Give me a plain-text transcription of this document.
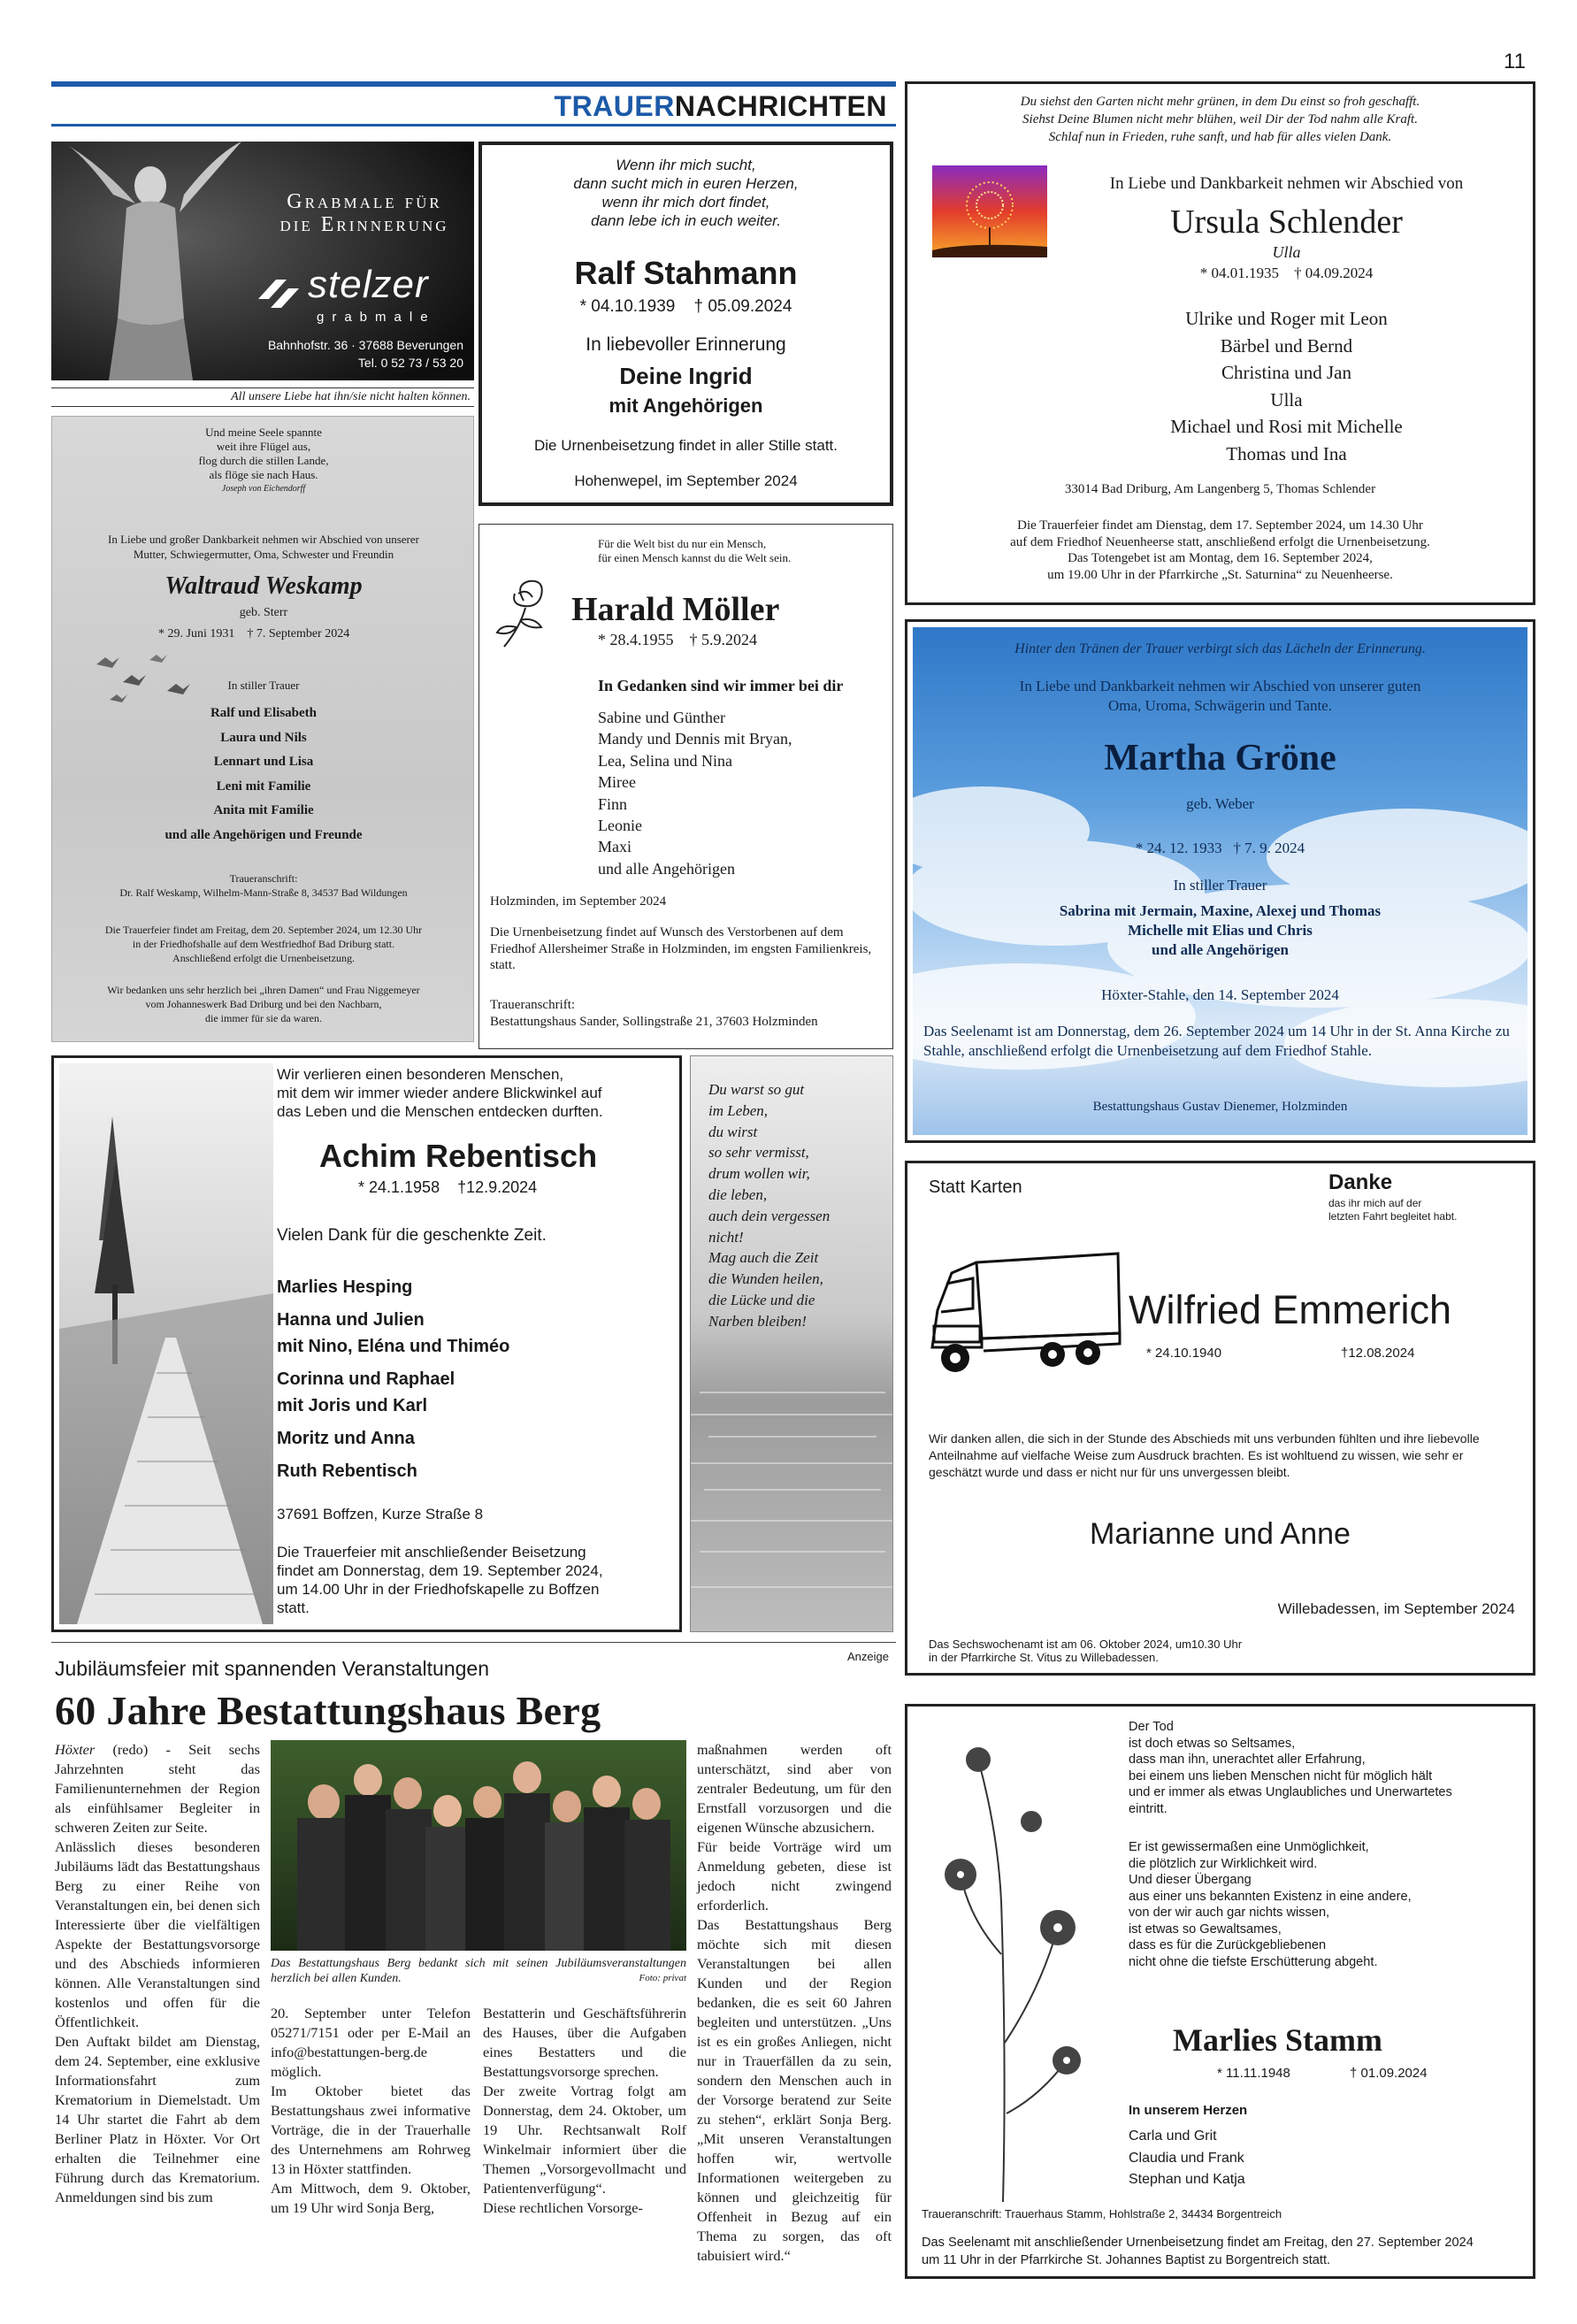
11
TRAUERNACHRICHTEN
Grabmale für
die Erinnerung
stelzer
grabmale
Bahnhofstr. 36 · 37688 Beverungen
Tel. 0 52 73 / 53 20
All unsere Liebe hat ihn/sie nicht halten können.
Und meine Seele spannte
weit ihre Flügel aus,
flog durch die stillen Lande,
als flöge sie nach Haus.
Joseph von Eichendorff
In Liebe und großer Dankbarkeit nehmen wir Abschied von unserer
Mutter, Schwiegermutter, Oma, Schwester und Freundin
Waltraud Weskamp
geb. Sterr
* 29. Juni 1931 † 7. September 2024
In stiller Trauer
Ralf und Elisabeth
Laura und Nils
Lennart und Lisa
Leni mit Familie
Anita mit Familie
und alle Angehörigen und Freunde
Traueranschrift:
Dr. Ralf Weskamp, Wilhelm-Mann-Straße 8, 34537 Bad Wildungen
Die Trauerfeier findet am Freitag, dem 20. September 2024, um 12.30 Uhr
in der Friedhofshalle auf dem Westfriedhof Bad Driburg statt.
Anschließend erfolgt die Urnenbeisetzung.
Wir bedanken uns sehr herzlich bei „ihren Damen“ und Frau Niggemeyer
vom Johanneswerk Bad Driburg und bei den Nachbarn,
die immer für sie da waren.
Wenn ihr mich sucht,
dann sucht mich in euren Herzen,
wenn ihr mich dort findet,
dann lebe ich in euch weiter.
Ralf Stahmann
* 04.10.1939 † 05.09.2024
In liebevoller Erinnerung
Deine Ingrid
mit Angehörigen
Die Urnenbeisetzung findet in aller Stille statt.
Hohenwepel, im September 2024
Für die Welt bist du nur ein Mensch,
für einen Mensch kannst du die Welt sein.
Harald Möller
* 28.4.1955 † 5.9.2024
In Gedanken sind wir immer bei dir
Sabine und Günther
Mandy und Dennis mit Bryan,
Lea, Selina und Nina
Miree
Finn
Leonie
Maxi
und alle Angehörigen
Holzminden, im September 2024
Die Urnenbeisetzung findet auf Wunsch des Verstorbenen auf dem Friedhof Allersheimer Straße in Holzminden, im engsten Familienkreis, statt.
Traueranschrift:
Bestattungshaus Sander, Sollingstraße 21, 37603 Holzminden
Du siehst den Garten nicht mehr grünen, in dem Du einst so froh geschafft.
Siehst Deine Blumen nicht mehr blühen, weil Dir der Tod nahm alle Kraft.
Schlaf nun in Frieden, ruhe sanft, und hab für alles vielen Dank.
In Liebe und Dankbarkeit nehmen wir Abschied von
Ursula Schlender
Ulla
* 04.01.1935 † 04.09.2024
Ulrike und Roger mit Leon
Bärbel und Bernd
Christina und Jan
Ulla
Michael und Rosi mit Michelle
Thomas und Ina
33014 Bad Driburg, Am Langenberg 5, Thomas Schlender
Die Trauerfeier findet am Dienstag, dem 17. September 2024, um 14.30 Uhr
auf dem Friedhof Neuenheerse statt, anschließend erfolgt die Urnenbeisetzung.
Das Totengebet ist am Montag, dem 16. September 2024,
um 19.00 Uhr in der Pfarrkirche „St. Saturnina“ zu Neuenheerse.
Hinter den Tränen der Trauer verbirgt sich das Lächeln der Erinnerung.
In Liebe und Dankbarkeit nehmen wir Abschied von unserer guten
Oma, Uroma, Schwägerin und Tante.
Martha Gröne
geb. Weber
* 24. 12. 1933   † 7. 9. 2024
In stiller Trauer
Sabrina mit Jermain, Maxine, Alexej und Thomas
Michelle mit Elias und Chris
und alle Angehörigen
Höxter-Stahle, den 14. September 2024
Das Seelenamt ist am Donnerstag, dem 26. September 2024 um 14 Uhr in der St. Anna Kirche zu Stahle, anschließend erfolgt die Urnenbeisetzung auf dem Friedhof Stahle.
Bestattungshaus Gustav Dienemer, Holzminden
Wir verlieren einen besonderen Menschen,
mit dem wir immer wieder andere Blickwinkel auf
das Leben und die Menschen entdecken durften.
Achim Rebentisch
* 24.1.1958 †12.9.2024
Vielen Dank für die geschenkte Zeit.
Marlies Hesping
Hanna und Julien
mit Nino, Eléna und Thiméo
Corinna und Raphael
mit Joris und Karl
Moritz und Anna
Ruth Rebentisch
37691 Boffzen, Kurze Straße 8
Die Trauerfeier mit anschließender Beisetzung
findet am Donnerstag, dem 19. September 2024,
um 14.00 Uhr in der Friedhofskapelle zu Boffzen
statt.
Du warst so gut
im Leben,
du wirst
so sehr vermisst,
drum wollen wir,
die leben,
auch dein vergessen
nicht!
Mag auch die Zeit
die Wunden heilen,
die Lücke und die
Narben bleiben!
Statt Karten	Danke
das ihr mich auf der
letzten Fahrt begleitet habt.
Wilfried Emmerich
* 24.10.1940	†12.08.2024
Wir danken allen, die sich in der Stunde des Abschieds mit uns verbunden fühlten und ihre liebevolle Anteilnahme auf vielfache Weise zum Ausdruck brachten. Es ist wohltuend zu wissen, wie sehr er geschätzt wurde und dass er nicht nur für uns unvergessen bleibt.
Marianne und Anne
Willebadessen, im September 2024
Das Sechswochenamt ist am 06. Oktober 2024, um10.30 Uhr
in der Pfarrkirche St. Vitus zu Willebadessen.
Jubiläumsfeier mit spannenden Veranstaltungen
Anzeige
60 Jahre Bestattungshaus Berg

Höxter (redo) - Seit sechs Jahrzehnten steht das Familienunternehmen der Region als einfühlsamer Begleiter in schweren Zeiten zur Seite.

Anlässlich dieses besonderen Jubiläums lädt das Bestattungshaus Berg zu einer Reihe von Veranstaltungen ein, bei denen sich Interessierte über die vielfältigen Aspekte der Bestattungsvorsorge und des Abschieds informieren können. Alle Veranstaltungen sind kostenlos und offen für die Öffentlichkeit.

Den Auftakt bildet am Dienstag, dem 24. September, eine exklusive Informationsfahrt zum Krematorium in Diemelstadt. Um 14 Uhr startet die Fahrt ab dem Berliner Platz in Höxter. Vor Ort erhalten die Teilnehmer eine Führung durch das Krematorium. Anmeldungen sind bis zum

Das Bestattungshaus Berg bedankt sich mit seinen Jubiläumsveranstaltungen herzlich bei allen Kunden.	Foto: privat

20. September unter Telefon 05271/7151 oder per E-Mail an info@bestattungen-berg.de möglich.

Im Oktober bietet das Bestattungshaus zwei informative Vorträge, die in der Trauerhalle des Unternehmens am Rohrweg 13 in Höxter stattfinden.

Am Mittwoch, dem 9. Oktober, um 19 Uhr wird Sonja Berg,

Bestatterin und Geschäftsführerin des Hauses, über die Aufgaben eines Bestatters und die Bestattungsvorsorge sprechen.

Der zweite Vortrag folgt am Donnerstag, dem 24. Oktober, um 19 Uhr. Rechtsanwalt Rolf Winkelmair informiert über die Themen „Vorsorgevollmacht und Patientenverfügung“.

Diese rechtlichen Vorsorge-

maßnahmen werden oft unterschätzt, sind aber von zentraler Bedeutung, um für den Ernstfall vorzusorgen und die eigenen Wünsche abzusichern.

Für beide Vorträge wird um Anmeldung gebeten, diese ist jedoch nicht zwingend erforderlich.

Das Bestattungshaus Berg möchte sich mit diesen Veranstaltungen bei allen Kunden und der Region bedanken, die es seit 60 Jahren begleiten und unterstützen. „Uns ist es ein großes Anliegen, nicht nur in Trauerfällen da zu sein, sondern den Menschen auch in der Vorsorge beratend zur Seite zu stehen“, erklärt Sonja Berg. „Mit unseren Veranstaltungen hoffen wir, wertvolle Informationen weitergeben zu können und gleichzeitig für Offenheit in Bezug auf ein Thema zu sorgen, das oft tabuisiert wird.“

Der Tod
ist doch etwas so Seltsames,
dass man ihn, unerachtet aller Erfahrung,
bei einem uns lieben Menschen nicht für möglich hält
und er immer als etwas Unglaubliches und Unerwartetes
eintritt.
Er ist gewissermaßen eine Unmöglichkeit,
die plötzlich zur Wirklichkeit wird.
Und dieser Übergang
aus einer uns bekannten Existenz in eine andere,
von der wir auch gar nichts wissen,
ist etwas so Gewaltsames,
dass es für die Zurückgebliebenen
nicht ohne die tiefste Erschütterung abgeht.
Marlies Stamm
* 11.11.1948	† 01.09.2024
In unserem Herzen
Carla und Grit
Claudia und Frank
Stephan und Katja
Traueranschrift: Trauerhaus Stamm, Hohlstraße 2, 34434 Borgentreich
Das Seelenamt mit anschließender Urnenbeisetzung findet am Freitag, den 27. September 2024
um 11 Uhr in der Pfarrkirche St. Johannes Baptist zu Borgentreich statt.
